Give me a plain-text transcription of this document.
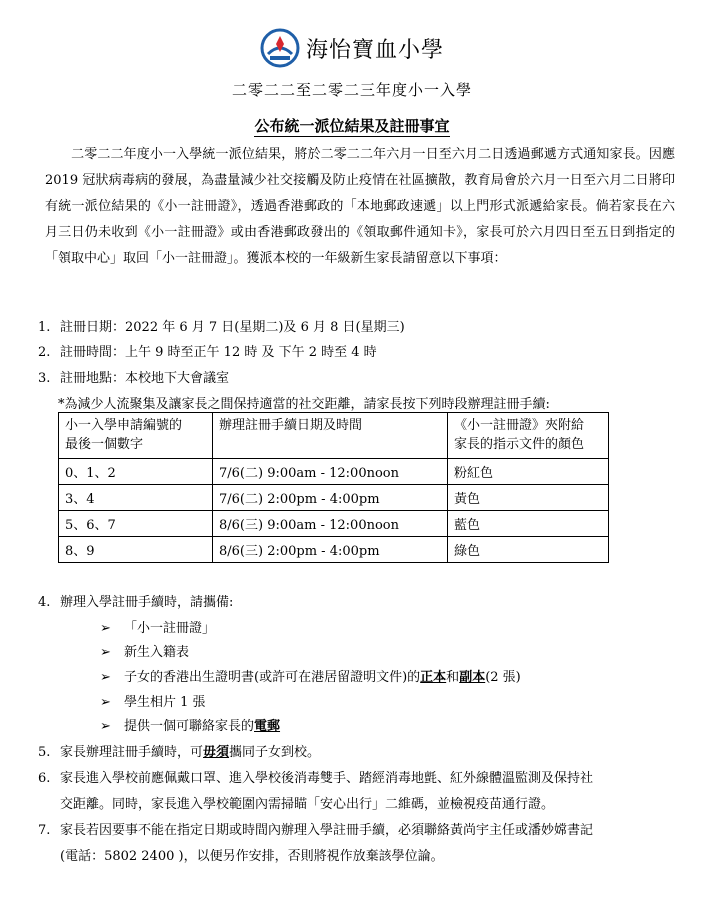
海怡寶血小學
二零二二至二零二三年度小一入學
公布統一派位結果及註冊事宜
二零二二年度小一入學統一派位結果，將於二零二二年六月一日至六月二日透過郵遞方式通知家長。因應 2019 冠狀病毒病的發展，為盡量減少社交接觸及防止疫情在社區擴散，教育局會於六月一日至六月二日將印有統一派位結果的《小一註冊證》，透過香港郵政的「本地郵政速遞」以上門形式派遞給家長。倘若家長在六月三日仍未收到《小一註冊證》或由香港郵政發出的《領取郵件通知卡》，家長可於六月四日至五日到指定的「領取中心」取回「小一註冊證」。獲派本校的一年級新生家長請留意以下事項：
1. 註冊日期：2022 年 6 月 7 日(星期二)及 6 月 8 日(星期三)
2. 註冊時間：上午 9 時至正午 12 時 及 下午 2 時至 4 時
3. 註冊地點：本校地下大會議室
*為減少人流聚集及讓家長之間保持適當的社交距離，請家長按下列時段辦理註冊手續:
小一入學申請編號的
最後一個數字	辦理註冊手續日期及時間	《小一註冊證》夾附給
家長的指示文件的顏色
0、1、2	7/6(二) 9:00am - 12:00noon	粉紅色
3、4	7/6(二) 2:00pm - 4:00pm	黃色
5、6、7	8/6(三) 9:00am - 12:00noon	藍色
8、9	8/6(三) 2:00pm - 4:00pm	綠色
4. 辦理入學註冊手續時，請攜備:
➢ 「小一註冊證」
➢ 新生入籍表
➢ 子女的香港出生證明書(或許可在港居留證明文件)的正本和副本(2 張)
➢ 學生相片 1 張
➢ 提供一個可聯絡家長的電郵
5. 家長辦理註冊手續時，可毋須攜同子女到校。
6. 家長進入學校前應佩戴口罩、進入學校後消毒雙手、踏經消毒地氈、紅外線體溫監測及保持社
交距離。同時，家長進入學校範圍內需掃瞄「安心出行」二維碼，並檢視疫苗通行證。
7. 家長若因要事不能在指定日期或時間內辦理入學註冊手續，必須聯絡黃尚宇主任或潘妙嫦書記
(電話：5802 2400 )，以便另作安排，否則將視作放棄該學位論。
